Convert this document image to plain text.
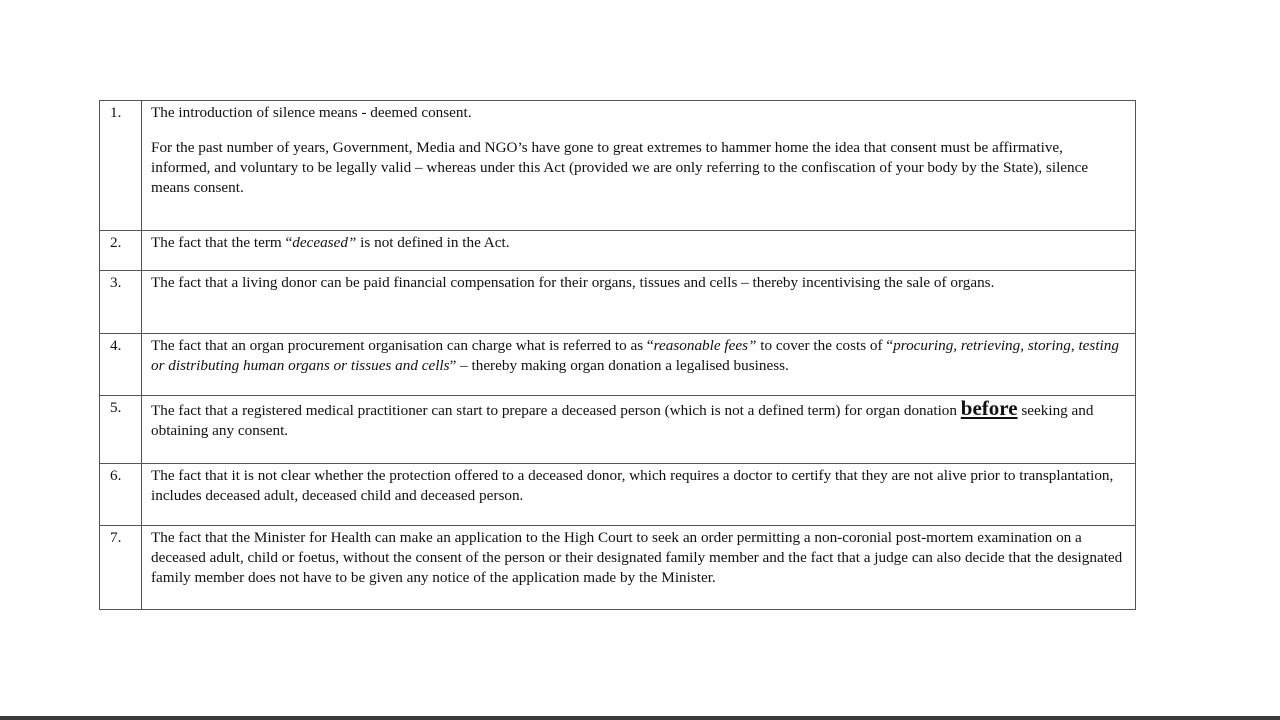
1.	The introduction of silence means - deemed consent.

For the past number of years, Government, Media and NGO’s have gone to great extremes to hammer home the idea that consent must be affirmative, informed, and voluntary to be legally valid – whereas under this Act (provided we are only referring to the confiscation of your body by the State), silence means consent.

2.	The fact that the term “deceased” is not defined in the Act.

3.	The fact that a living donor can be paid financial compensation for their organs, tissues and cells – thereby incentivising the sale of organs.

4.	The fact that an organ procurement organisation can charge what is referred to as “reasonable fees” to cover the costs of “procuring, retrieving, storing, testing or distributing human organs or tissues and cells” – thereby making organ donation a legalised business.

5.	The fact that a registered medical practitioner can start to prepare a deceased person (which is not a defined term) for organ donation before seeking and obtaining any consent.

6.	The fact that it is not clear whether the protection offered to a deceased donor, which requires a doctor to certify that they are not alive prior to transplantation, includes deceased adult, deceased child and deceased person.

7.	The fact that the Minister for Health can make an application to the High Court to seek an order permitting a non-coronial post-mortem examination on a deceased adult, child or foetus, without the consent of the person or their designated family member and the fact that a judge can also decide that the designated family member does not have to be given any notice of the application made by the Minister.
